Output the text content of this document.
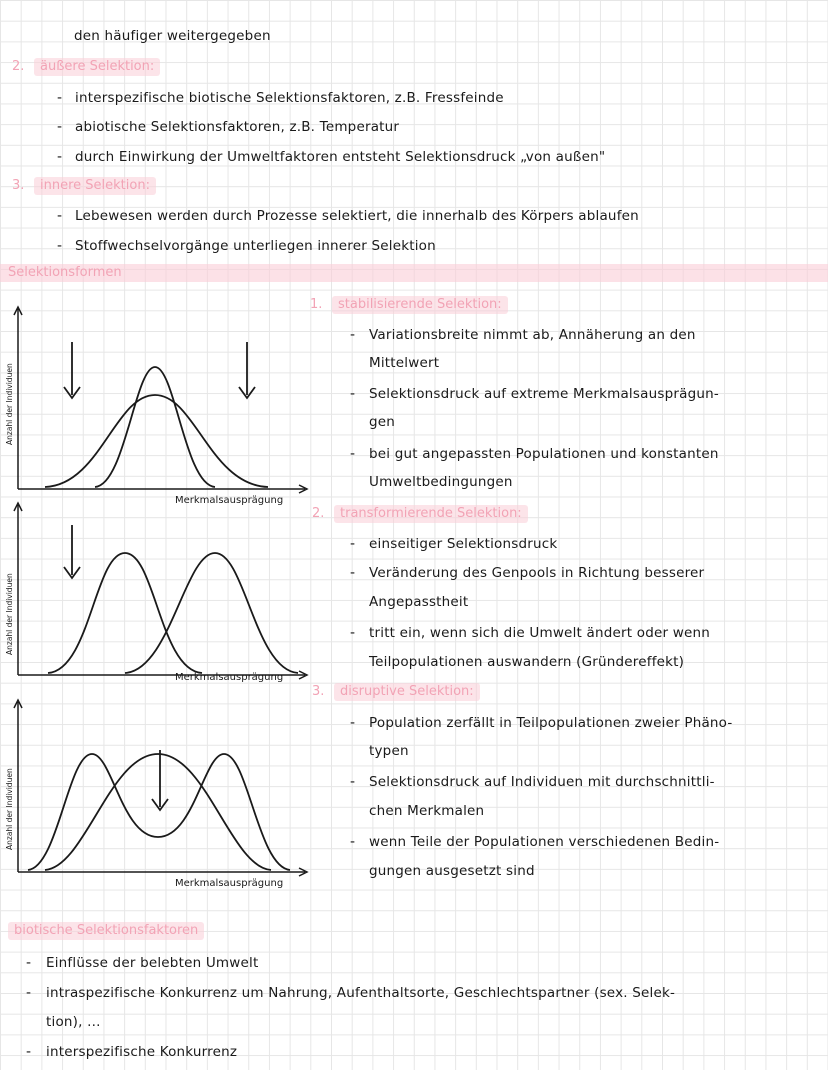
den häufiger weitergegeben
2.	äußere Selektion:
- interspezifische biotische Selektionsfaktoren, z.B. Fressfeinde
- abiotische Selektionsfaktoren, z.B. Temperatur
- durch Einwirkung der Umweltfaktoren entsteht Selektionsdruck „von außen"
3.	innere Selektion:
- Lebewesen werden durch Prozesse selektiert, die innerhalb des Körpers ablaufen
- Stoffwechselvorgänge unterliegen innerer Selektion
Selektionsformen
Anzahl der Individuen
Merkmalsausprägung
Anzahl der Individuen
Merkmalsausprägung
Anzahl der Individuen
Merkmalsausprägung
1.	stabilisierende Selektion:
- Variationsbreite nimmt ab, Annäherung an den
Mittelwert
- Selektionsdruck auf extreme Merkmalsausprägun-
gen
- bei gut angepassten Populationen und konstanten
Umweltbedingungen
2.	transformierende Selektion:
- einseitiger Selektionsdruck
- Veränderung des Genpools in Richtung besserer
Angepasstheit
- tritt ein, wenn sich die Umwelt ändert oder wenn
Teilpopulationen auswandern (Gründereffekt)
3.	disruptive Selektion:
- Population zerfällt in Teilpopulationen zweier Phäno-
typen
- Selektionsdruck auf Individuen mit durchschnittli-
chen Merkmalen
- wenn Teile der Populationen verschiedenen Bedin-
gungen ausgesetzt sind
biotische Selektionsfaktoren
- Einflüsse der belebten Umwelt
- intraspezifische Konkurrenz um Nahrung, Aufenthaltsorte, Geschlechtspartner (sex. Selek-
tion), ...
- interspezifische Konkurrenz
